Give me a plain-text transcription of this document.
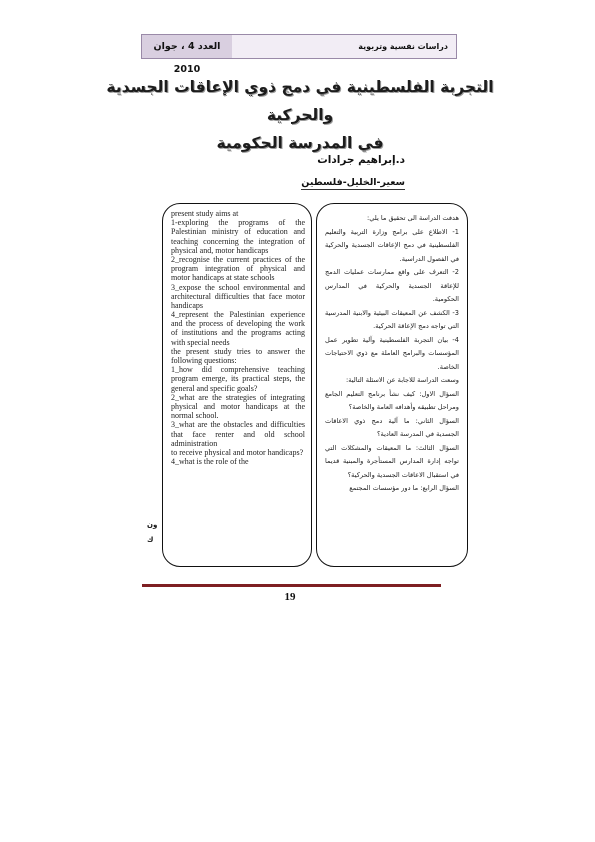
العدد 4 ، جوان 2010
دراسات نفسية وتربوية
التجربة الفلسطينية في دمج ذوي الإعاقات الجسدية
والحركية
في المدرسة الحكومية
د.إبراهيم جرادات
سعير-الخليل-فلسطين

present study aims at

1-exploring the programs of the Palestinian ministry of education and teaching concerning the integration of physical and, motor handicaps

2_recognise the current practices of the program integration of physical and motor handicaps at state schools

3_expose the school environmental and architectural difficulties that face motor handicaps

4_represent the Palestinian experience and the process of developing the work of institutions and the programs acting with special needs

the present study tries to answer the following questions:

1_how did comprehensive teaching program emerge, its practical steps, the general and specific goals?

2_what are the strategies of integrating physical and motor handicaps at the normal school.

3_what are the obstacles and difficulties that face renter and old school administration

to receive physical and motor handicaps?

4_what is the role of the

هدفت الدراسة الى تحقيق ما يلي:

1- الاطلاع على برامج وزارة التربية والتعليم الفلسطينية في دمج الإعاقات الجسدية والحركية في الفصول الدراسية.

2- التعرف على واقع ممارسات عمليات الدمج للإعاقة الجسدية والحركية في المدارس الحكومية.

3- الكشف عن المعيقات البيئية والابنية المدرسية التي تواجه دمج الإعاقة الحركية.

4- بيان التجربة الفلسطينية وآلية تطوير عمل المؤسسات والبرامج العاملة مع ذوي الاحتياجات الخاصة.

وسعت الدراسة للاجابة عن الاسئلة التالية:

السؤال الاول: كيف نشأ برنامج التعليم الجامع ومراحل تطبيقه وأهدافه العامة والخاصة؟

السؤال الثاني: ما آلية دمج ذوي الاعاقات الجسدية في المدرسة العادية؟

السؤال الثالث: ما المعيقات والمشكلات التي تواجه إدارة المدارس المستأجرة والمبنية قديما في استقبال الاعاقات الجسدية والحركية؟

السؤال الرابع: ما دور مؤسسات المجتمع

ون
ك
19
